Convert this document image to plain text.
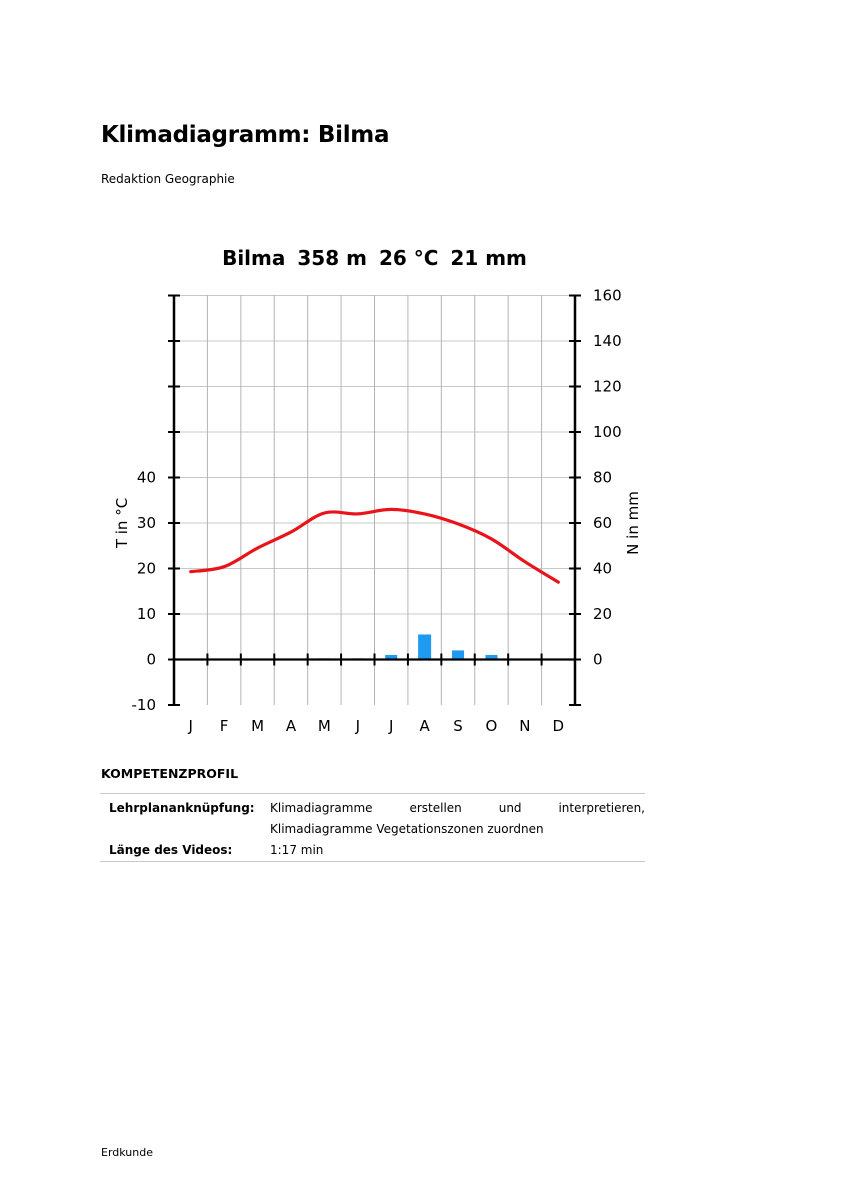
Klimadiagramm: Bilma
Redaktion Geographie
Bilma 358 m 26 °C 21 mm
-10
0
10
20
30
40
0
20
40
60
80
100
120
140
160
J F M A M J J A S O N D
T in °C	N in mm
KOMPETENZPROFIL
Lehrplananknüpfung:	Klimadiagramme erstellen und interpretieren, Klimadiagramme Vegetationszonen zuordnen
Länge des Videos:	1:17 min
Erdkunde
